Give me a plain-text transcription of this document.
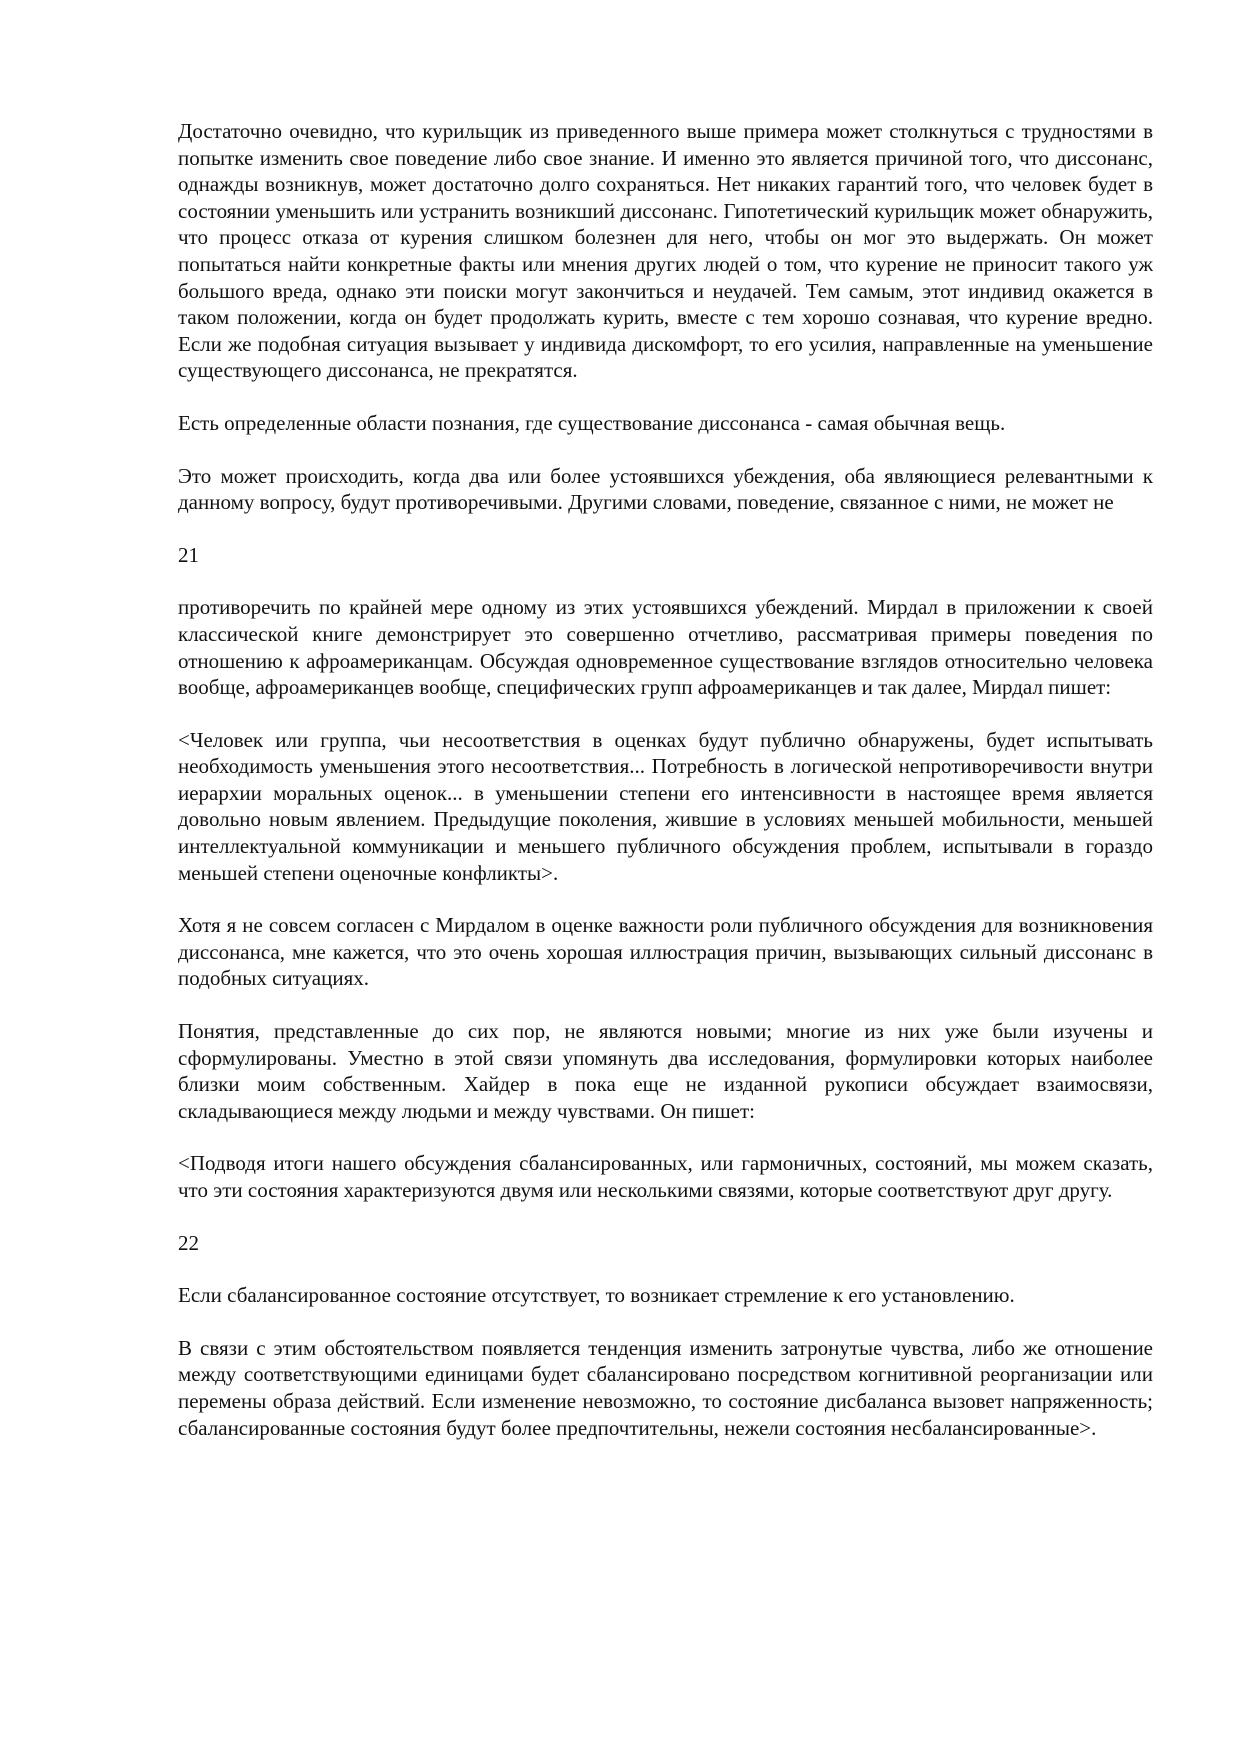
Достаточно очевидно, что курильщик из приведенного выше примера может столкнуться с трудностями в попытке изменить свое поведение либо свое знание. И именно это является причиной того, что диссонанс, однажды возникнув, может достаточно долго сохраняться. Нет никаких гарантий того, что человек будет в состоянии уменьшить или устранить возникший диссонанс. Гипотетический курильщик может обнаружить, что процесс отказа от курения слишком болезнен для него, чтобы он мог это выдержать. Он может попытаться найти конкретные факты или мнения других людей о том, что курение не приносит такого уж большого вреда, однако эти поиски могут закончиться и неудачей. Тем самым, этот индивид окажется в таком положении, когда он будет продолжать курить, вместе с тем хорошо сознавая, что курение вредно. Если же подобная ситуация вызывает у индивида дискомфорт, то его усилия, направленные на уменьшение существующего диссонанса, не прекратятся.

Есть определенные области познания, где существование диссонанса - самая обычная вещь.

Это может происходить, когда два или более устоявшихся убеждения, оба являющиеся релевантными к данному вопросу, будут противоречивыми. Другими словами, поведение, связанное с ними, не может не

21

противоречить по крайней мере одному из этих устоявшихся убеждений. Мирдал в приложении к своей классической книге демонстрирует это совершенно отчетливо, рассматривая примеры поведения по отношению к афроамериканцам. Обсуждая одновременное существование взглядов относительно человека вообще, афроамериканцев вообще, специфических групп афроамериканцев и так далее, Мирдал пишет:

<Человек или группа, чьи несоответствия в оценках будут публично обнаружены, будет испытывать необходимость уменьшения этого несоответствия... Потребность в логической непротиворечивости внутри иерархии моральных оценок... в уменьшении степени его интенсивности в настоящее время является довольно новым явлением. Предыдущие поколения, жившие в условиях меньшей мобильности, меньшей интеллектуальной коммуникации и меньшего публичного обсуждения проблем, испытывали в гораздо меньшей степени оценочные конфликты>.

Хотя я не совсем согласен с Мирдалом в оценке важности роли публичного обсуждения для возникновения диссонанса, мне кажется, что это очень хорошая иллюстрация причин, вызывающих сильный диссонанс в подобных ситуациях.

Понятия, представленные до сих пор, не являются новыми; многие из них уже были изучены и сформулированы. Уместно в этой связи упомянуть два исследования, формулировки которых наиболее близки моим собственным. Хайдер в пока еще не изданной рукописи обсуждает взаимосвязи, складывающиеся между людьми и между чувствами. Он пишет:

<Подводя итоги нашего обсуждения сбалансированных, или гармоничных, состояний, мы можем сказать, что эти состояния характеризуются двумя или несколькими связями, которые соответствуют друг другу.

22

Если сбалансированное состояние отсутствует, то возникает стремление к его установлению.

В связи с этим обстоятельством появляется тенденция изменить затронутые чувства, либо же отношение между соответствующими единицами будет сбалансировано посредством когнитивной реорганизации или перемены образа действий. Если изменение невозможно, то состояние дисбаланса вызовет напряженность; сбалансированные состояния будут более предпочтительны, нежели состояния несбалансированные>.
